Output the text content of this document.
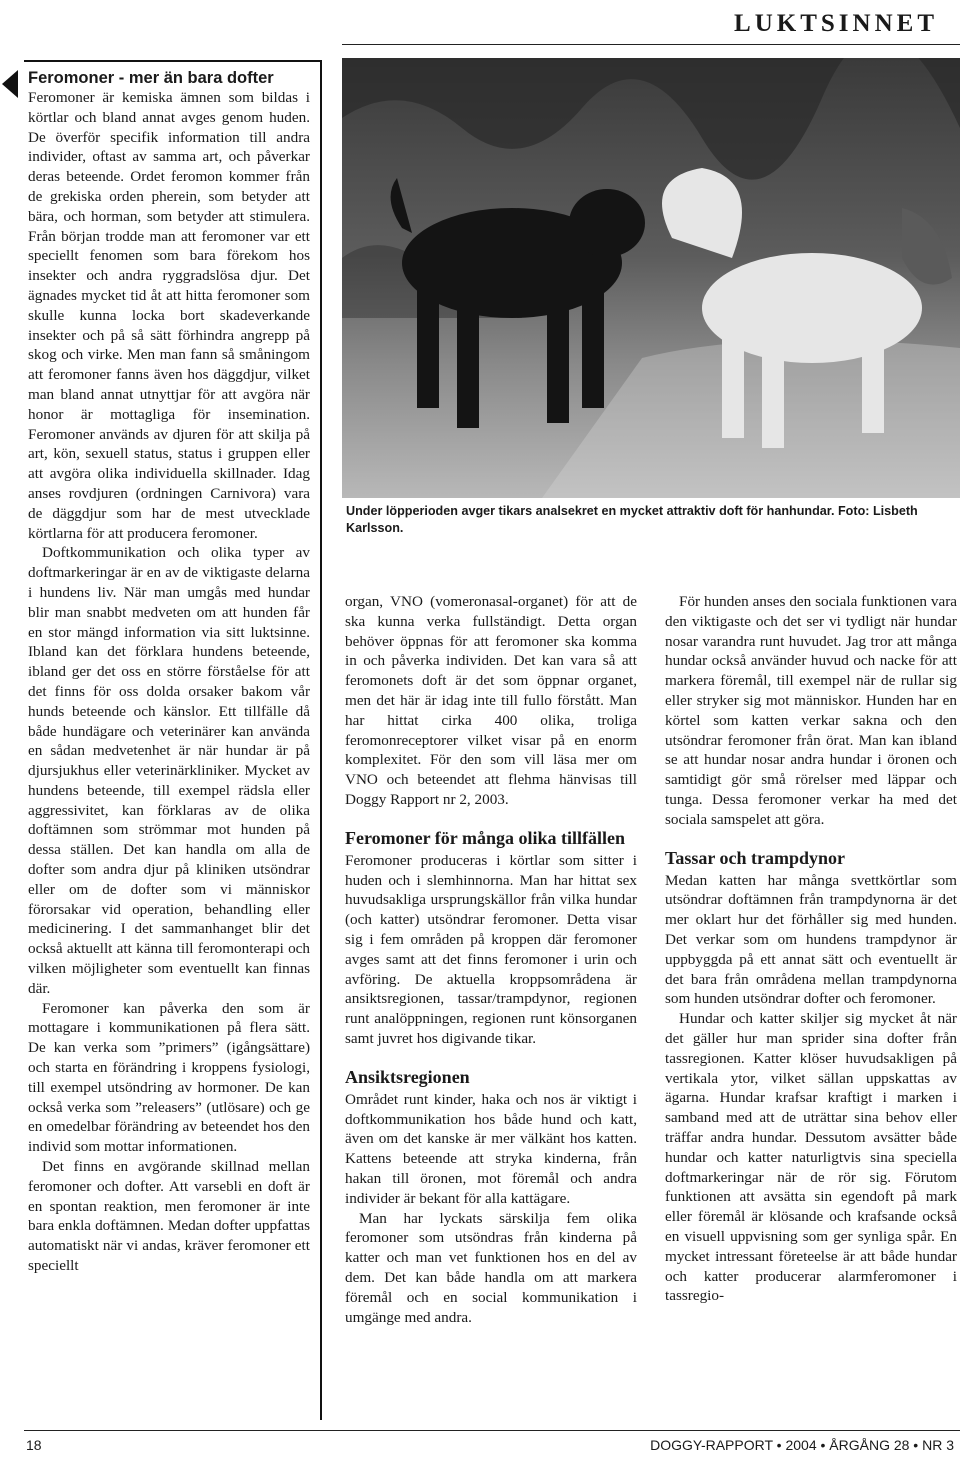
LUKTSINNET
Feromoner - mer än bara dofter

Feromoner är kemiska ämnen som bildas i körtlar och bland annat avges genom huden. De överför specifik information till andra individer, oftast av samma art, och påverkar deras beteende. Ordet feromon kommer från de grekiska orden pherein, som betyder att bära, och horman, som betyder att stimulera. Från början trodde man att feromoner var ett speciellt fenomen som bara förekom hos insekter och andra ryggradslösa djur. Det ägnades mycket tid åt att hitta feromoner som skulle kunna locka bort skadeverkande insekter och på så sätt förhindra angrepp på skog och virke. Men man fann så småningom att feromoner fanns även hos däggdjur, vilket man bland annat utnyttjar för att avgöra när honor är mottagliga för insemination. Feromoner används av djuren för att skilja på art, kön, sexuell status, status i gruppen eller att avgöra olika individuella skillnader. Idag anses rovdjuren (ordningen Carnivora) vara de däggdjur som har de mest utvecklade körtlarna för att producera feromoner.

Doftkommunikation och olika typer av doftmarkeringar är en av de viktigaste delarna i hundens liv. När man umgås med hundar blir man snabbt medveten om att hunden får en stor mängd information via sitt luktsinne. Ibland kan det förklara hundens beteende, ibland ger det oss en större förståelse för att det finns för oss dolda orsaker bakom vår hunds beteende och känslor. Ett tillfälle då både hundägare och veterinärer kan använda en sådan medvetenhet är när hundar är på djursjukhus eller veterinärkliniker. Mycket av hundens beteende, till exempel rädsla eller aggressivitet, kan förklaras av de olika doftämnen som strömmar mot hunden på dessa ställen. Det kan handla om alla de dofter som andra djur på kliniken utsöndrar eller om de dofter som vi människor förorsakar vid operation, behandling eller medicinering. I det sammanhanget blir det också aktuellt att känna till feromonterapi och vilken möjligheter som eventuellt kan finnas där.

Feromoner kan påverka den som är mottagare i kommunikationen på flera sätt. De kan verka som ”primers” (igångsättare) och starta en förändring i kroppens fysiologi, till exempel utsöndring av hormoner. De kan också verka som ”releasers” (utlösare) och ge en omedelbar förändring av beteendet hos den individ som mottar informationen.

Det finns en avgörande skillnad mellan feromoner och dofter. Att varsebli en doft är en spontan reaktion, men feromoner är inte bara enkla doftämnen. Medan dofter uppfattas automatiskt när vi andas, kräver feromoner ett speciellt

Under löpperioden avger tikars analsekret en mycket attraktiv doft för hanhundar. Foto: Lisbeth Karlsson.

organ, VNO (vomeronasal-organet) för att de ska kunna verka fullständigt. Detta organ behöver öppnas för att feromoner ska komma in och påverka individen. Det kan vara så att feromonets doft är det som öppnar organet, men det här är idag inte till fullo förstått. Man har hittat cirka 400 olika, troliga feromonreceptorer vilket visar på en enorm komplexitet. För den som vill läsa mer om VNO och beteendet att flehma hänvisas till Doggy Rapport nr 2, 2003.

Feromoner för många olika tillfällen

Feromoner produceras i körtlar som sitter i huden och i slemhinnorna. Man har hittat sex huvudsakliga ursprungskällor från vilka hundar (och katter) utsöndrar feromoner. Detta visar sig i fem områden på kroppen där feromoner avges samt att det finns feromoner i urin och avföring. De aktuella kroppsområdena är ansiktsregionen, tassar/trampdynor, regionen runt analöppningen, regionen runt könsorganen samt juvret hos digivande tikar.

Ansiktsregionen

Området runt kinder, haka och nos är viktigt i doftkommunikation hos både hund och katt, även om det kanske är mer välkänt hos katten. Kattens beteende att stryka kinderna, från hakan till öronen, mot föremål och andra individer är bekant för alla kattägare.

Man har lyckats särskilja fem olika feromoner som utsöndras från kinderna på katter och man vet funktionen hos en del av dem. Det kan både handla om att markera föremål och en social kommunikation i umgänge med andra.

För hunden anses den sociala funktionen vara den viktigaste och det ser vi tydligt när hundar nosar varandra runt huvudet. Jag tror att många hundar också använder huvud och nacke för att markera föremål, till exempel när de rullar sig eller stryker sig mot människor. Hunden har en körtel som katten verkar sakna och den utsöndrar feromoner från örat. Man kan ibland se att hundar nosar andra hundar i öronen och samtidigt gör små rörelser med läppar och tunga. Dessa feromoner verkar ha med det sociala samspelet att göra.

Tassar och trampdynor

Medan katten har många svettkörtlar som utsöndrar doftämnen från trampdynorna är det mer oklart hur det förhåller sig med hunden. Det verkar som om hundens trampdynor är uppbyggda på ett annat sätt och eventuellt är det bara från områdena mellan trampdynorna som hunden utsöndrar dofter och feromoner.

Hundar och katter skiljer sig mycket åt när det gäller hur man sprider sina dofter från tassregionen. Katter klöser huvudsakligen på vertikala ytor, vilket sällan uppskattas av ägarna. Hundar krafsar kraftigt i marken i samband med att de uträttar sina behov eller träffar andra hundar. Dessutom avsätter både hundar och katter naturligtvis sina speciella doftmarkeringar när de rör sig. Förutom funktionen att avsätta sin egendoft på mark eller föremål är klösande och krafsande också en visuell uppvisning som ger synliga spår. En mycket intressant företeelse är att både hundar och katter producerar alarmferomoner i tassregio-

18	DOGGY-RAPPORT • 2004 • ÅRGÅNG 28 • NR 3
